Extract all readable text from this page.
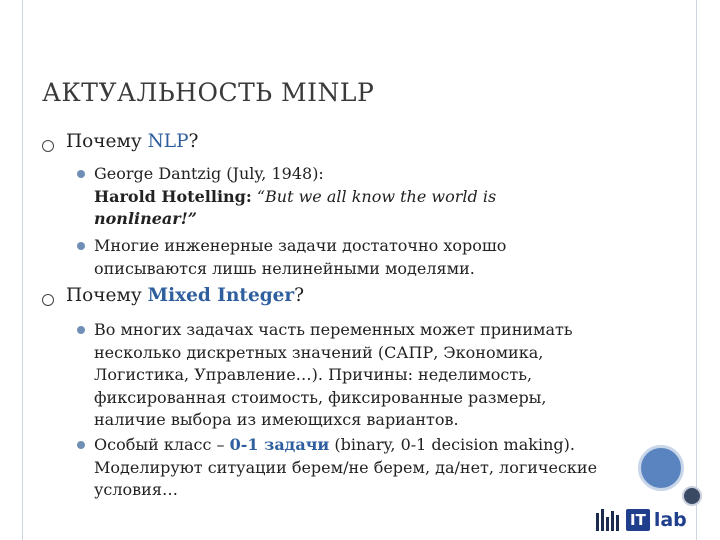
АКТУАЛЬНОСТЬ MINLP
Почему NLP?
George Dantzig (July, 1948):
Harold Hotelling: “But we all know the world is
nonlinear!”
Многие инженерные задачи достаточно хорошо описываются лишь нелинейными моделями.
Почему Mixed Integer?
Во многих задачах часть переменных может принимать несколько дискретных значений (САПР, Экономика, Логистика, Управление…). Причины: неделимость, фиксированная стоимость, фиксированные размеры, наличие выбора из имеющихся вариантов.
Особый класс – 0-1 задачи (binary, 0-1 decision making). Моделируют ситуации берем/не берем, да/нет, логические условия…
IT lab
